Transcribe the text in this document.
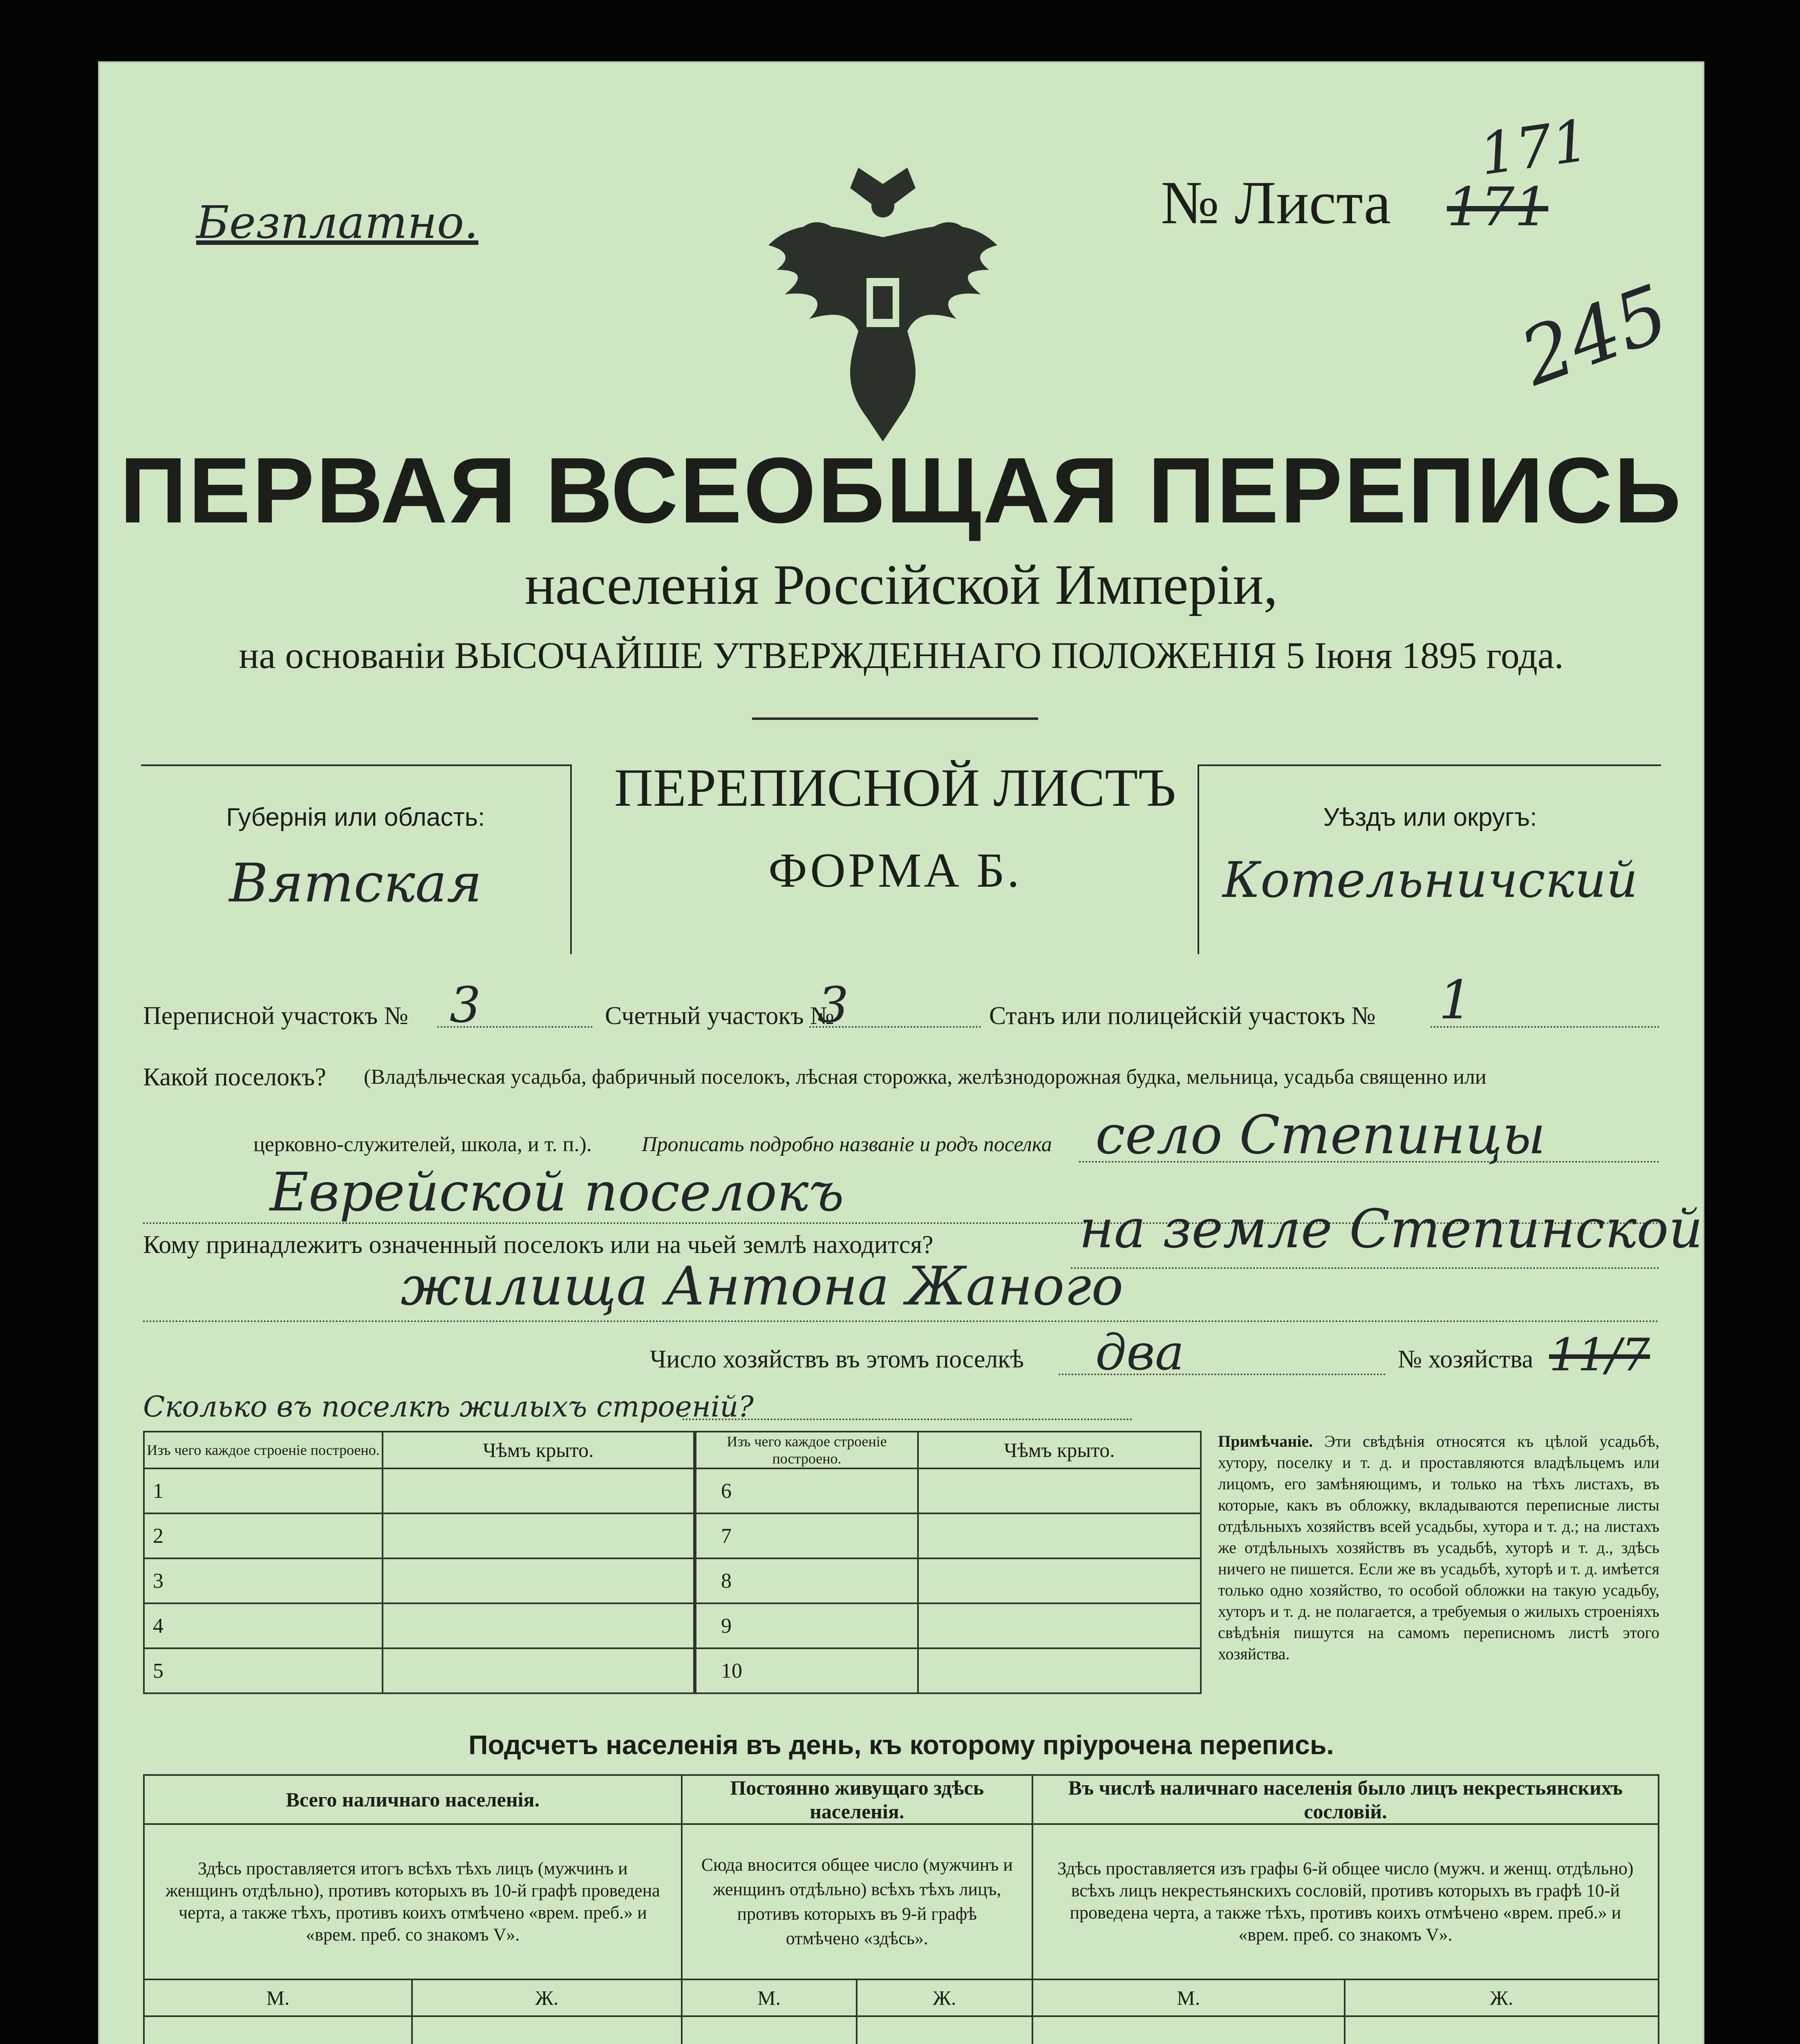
Безплатно.	№ Листа 171
171
245
ПЕРВАЯ ВСЕОБЩАЯ ПЕРЕПИСЬ
населенія Россійской Имперіи,
на основаніи ВЫСОЧАЙШЕ УТВЕРЖДЕННАГО ПОЛОЖЕНІЯ 5 Іюня 1895 года.
Губернія или область:
Вятская
ПЕРЕПИСНОЙ ЛИСТЪ
ФОРМА Б.
Уѣздъ или округъ:
Котельничский
Переписной участокъ № 3	Счетный участокъ №
3	Станъ или полицейскій участокъ № 1
Какой поселокъ? (Владѣльческая усадьба, фабричный поселокъ, лѣсная сторожка, желѣзнодорожная будка, мельница, усадьба священно или
церковно-служителей, школа, и т. п.). Прописать подробно названіе и родъ поселка село Степинцы
Еврейской поселокъ
Кому принадлежитъ означенный поселокъ или на чьей землѣ находится?	на земле Степинской
жилища Антона Жаного
Число хозяйствъ въ этомъ поселкѣ два	№ хозяйства 11/7
Сколько въ поселкѣ жилыхъ строеній?
Изъ чего каждое строеніе построено.	Чѣмъ крыто.
1	
2	
3	
4	
5	
Изъ чего каждое строеніе построено.	Чѣмъ крыто.
6	
7	
8	
9	
10	
Примѣчаніе. Эти свѣдѣнія относятся къ цѣлой усадьбѣ, хутору, поселку и т. д. и проставляются владѣльцемъ или лицомъ, его замѣняющимъ, и только на тѣхъ листахъ, въ которые, какъ въ обложку, вкладываются переписные листы отдѣльныхъ хозяйствъ всей усадьбы, хутора и т. д.; на листахъ же отдѣльныхъ хозяйствъ въ усадьбѣ, хуторѣ и т. д., здѣсь ничего не пишется. Если же въ усадьбѣ, хуторѣ и т. д. имѣется только одно хозяйство, то особой обложки на такую усадьбу, хуторъ и т. д. не полагается, а требуемыя о жилыхъ строеніяхъ свѣдѣнія пишутся на самомъ переписномъ листѣ этого хозяйства.
Подсчетъ населенія въ день, къ которому пріурочена перепись.
Всего наличнаго населенія.		Постоянно живущаго здѣсь населенія.		Въ числѣ наличнаго населенія было лицъ некрестьянскихъ сословій.	
Здѣсь проставляется итогъ всѣхъ тѣхъ лицъ (мужчинъ и женщинъ отдѣльно), противъ которыхъ въ 10-й графѣ проведена черта, а также тѣхъ, противъ коихъ отмѣчено «врем. преб.» и «врем. преб. со знакомъ V».		Сюда вносится общее число (мужчинъ и женщинъ отдѣльно) всѣхъ тѣхъ лицъ, противъ которыхъ въ 9-й графѣ отмѣчено «здѣсь».		Здѣсь проставляется изъ графы 6-й общее число (мужч. и женщ. отдѣльно) всѣхъ лицъ некрестьянскихъ сословій, противъ которыхъ въ графѣ 10-й проведена черта, а также тѣхъ, противъ коихъ отмѣчено «врем. преб.» и «врем. преб. со знакомъ V».	
М.	Ж.	М.	Ж.	М.	Ж.
